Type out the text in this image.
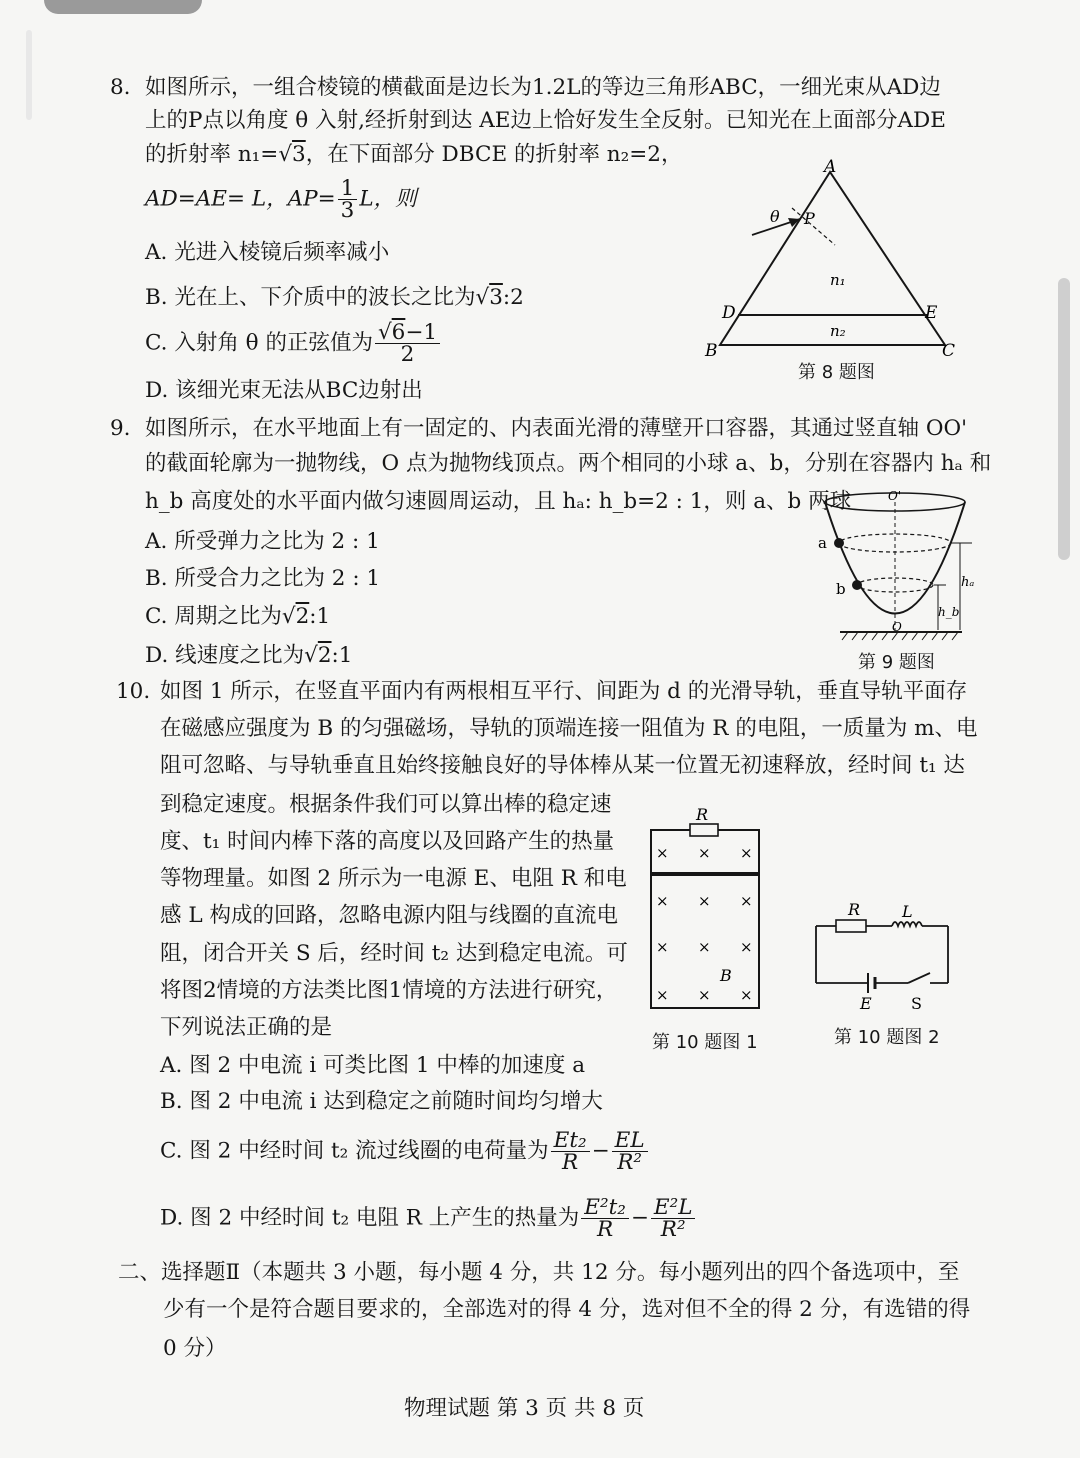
8. 如图所示，一组合棱镜的横截面是边长为1.2L的等边三角形ABC，一细光束从AD边
上的P点以角度 θ 入射,经折射到达 AE边上恰好发生全反射。已知光在上面部分ADE
的折射率 n₁=√3，在下面部分 DBCE 的折射率 n₂=2，
AD=AE= L，$AP= \frac{1}{3}$ L，则
A. 光进入棱镜后频率减小
B. 光在上、下介质中的波长之比为√3:2
C. 入射角 θ 的正弦值为 $\frac{√6-1}{2}$
D. 该细光束无法从BC边射出
A
B	C
D	E
P
θ
n₁
n₂
第 8 题图
9. 如图所示，在水平地面上有一固定的、内表面光滑的薄壁开口容器，其通过竖直轴 OO'
的截面轮廓为一抛物线，O 点为抛物线顶点。两个相同的小球 a、b，分别在容器内 hₐ 和
h_b 高度处的水平面内做匀速圆周运动，且 hₐ: h_b=2 : 1，则 a、b 两球
A. 所受弹力之比为 2 : 1
B. 所受合力之比为 2 : 1
C. 周期之比为√2:1
D. 线速度之比为√2:1
O'
O
a
b	hₐ
h_b
第 9 题图
10. 如图 1 所示，在竖直平面内有两根相互平行、间距为 d 的光滑导轨，垂直导轨平面存
在磁感应强度为 B 的匀强磁场，导轨的顶端连接一阻值为 R 的电阻，一质量为 m、电
阻可忽略、与导轨垂直且始终接触良好的导体棒从某一位置无初速释放，经时间 t₁ 达
到稳定速度。根据条件我们可以算出棒的稳定速
度、t₁ 时间内棒下落的高度以及回路产生的热量
等物理量。如图 2 所示为一电源 E、电阻 R 和电
感 L 构成的回路，忽略电源内阻与线圈的直流电
阻，闭合开关 S 后，经时间 t₂ 达到稳定电流。可
将图2情境的方法类比图1情境的方法进行研究，
下列说法正确的是
A. 图 2 中电流 i 可类比图 1 中棒的加速度 a
B. 图 2 中电流 i 达到稳定之前随时间均匀增大
C. 图 2 中经时间 t₂ 流过线圈的电荷量为 $\frac{\text{Et₂}}{R} - \frac{EL}{\text{R²}}$
D. 图 2 中经时间 t₂ 电阻 R 上产生的热量为 $\frac{\text{E²t₂}}{R} - \frac{\text{E²L}}{\text{R²}}$
R
B
× × ×
× × ×
× × ×
× × ×
第 10 题图 1
R	L
E S
第 10 题图 2
二、选择题Ⅱ（本题共 3 小题，每小题 4 分，共 12 分。每小题列出的四个备选项中，至
少有一个是符合题目要求的，全部选对的得 4 分，选对但不全的得 2 分，有选错的得
0 分）
物理试题 第 3 页 共 8 页
